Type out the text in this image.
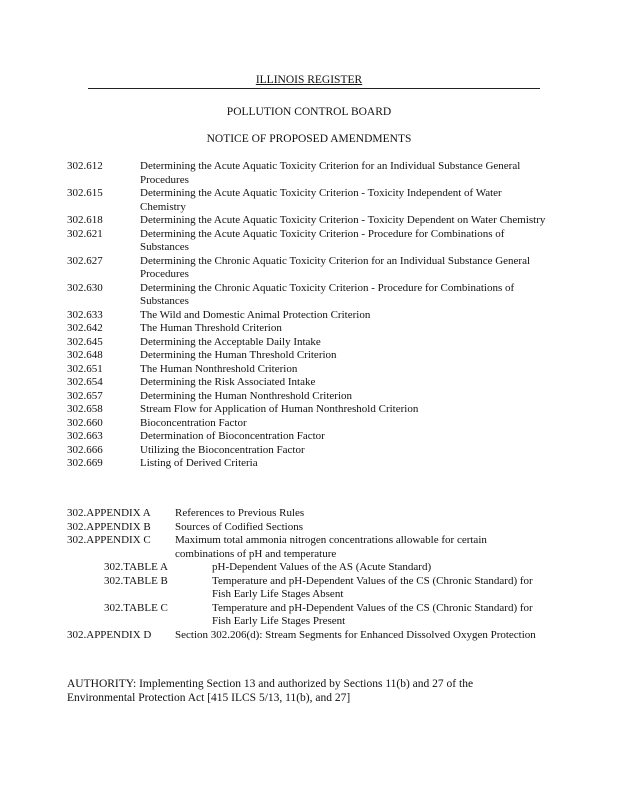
ILLINOIS REGISTER
POLLUTION CONTROL BOARD
NOTICE OF PROPOSED AMENDMENTS
302.612	Determining the Acute Aquatic Toxicity Criterion for an Individual Substance General Procedures
302.615	Determining the Acute Aquatic Toxicity Criterion - Toxicity Independent of Water Chemistry
302.618	Determining the Acute Aquatic Toxicity Criterion - Toxicity Dependent on Water Chemistry
302.621	Determining the Acute Aquatic Toxicity Criterion - Procedure for Combinations of Substances
302.627	Determining the Chronic Aquatic Toxicity Criterion for an Individual Substance General Procedures
302.630	Determining the Chronic Aquatic Toxicity Criterion - Procedure for Combinations of Substances
302.633	The Wild and Domestic Animal Protection Criterion
302.642	The Human Threshold Criterion
302.645	Determining the Acceptable Daily Intake
302.648	Determining the Human Threshold Criterion
302.651	The Human Nonthreshold Criterion
302.654	Determining the Risk Associated Intake
302.657	Determining the Human Nonthreshold Criterion
302.658	Stream Flow for Application of Human Nonthreshold Criterion
302.660	Bioconcentration Factor
302.663	Determination of Bioconcentration Factor
302.666	Utilizing the Bioconcentration Factor
302.669	Listing of Derived Criteria
302.APPENDIX A	References to Previous Rules
302.APPENDIX B	Sources of Codified Sections
302.APPENDIX C	Maximum total ammonia nitrogen concentrations allowable for certain combinations of pH and temperature
302.TABLE A	pH-Dependent Values of the AS (Acute Standard)
302.TABLE B	Temperature and pH-Dependent Values of the CS (Chronic Standard) for Fish Early Life Stages Absent
302.TABLE C	Temperature and pH-Dependent Values of the CS (Chronic Standard) for Fish Early Life Stages Present
302.APPENDIX D	Section 302.206(d): Stream Segments for Enhanced Dissolved Oxygen Protection
AUTHORITY: Implementing Section 13 and authorized by Sections 11(b) and 27 of the Environmental Protection Act [415 ILCS 5/13, 11(b), and 27]
